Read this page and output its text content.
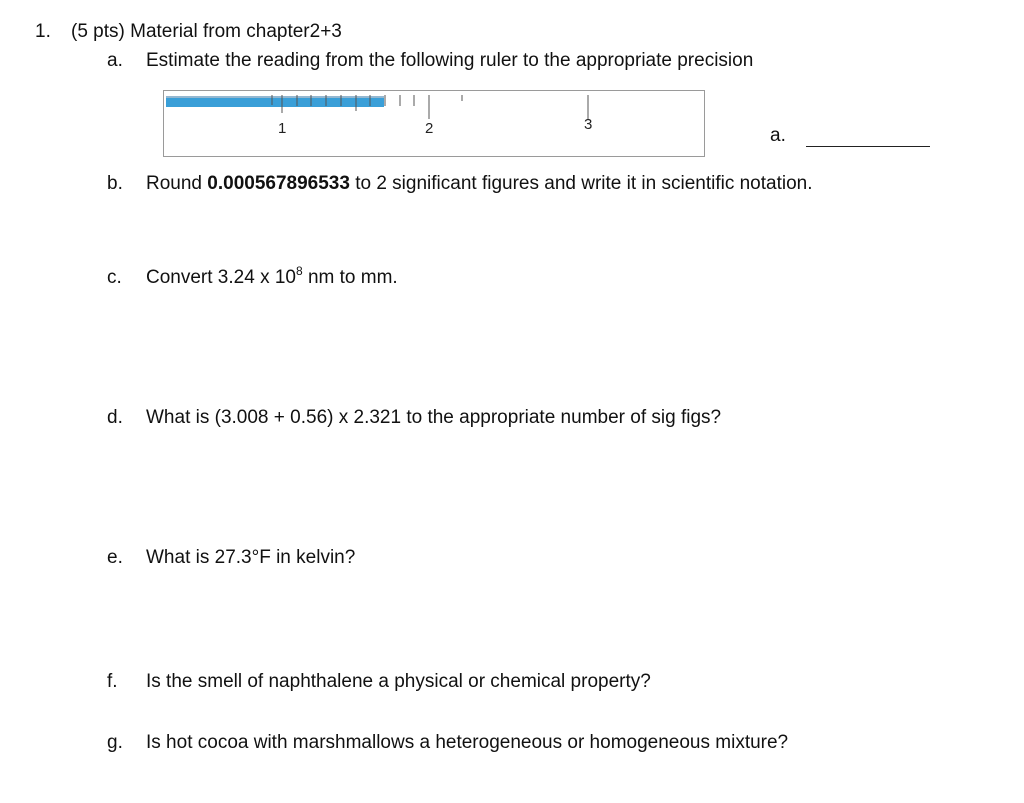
1. (5 pts) Material from chapter2+3
a. Estimate the reading from the following ruler to the appropriate precision
1	2	3
a.
b. Round 0.000567896533 to 2 significant figures and write it in scientific notation.
c. Convert 3.24 x $10^8$ nm to mm.
d. What is (3.008 + 0.56) x 2.321 to the appropriate number of sig figs?
e. What is 27.3°F in kelvin?
f. Is the smell of naphthalene a physical or chemical property?
g. Is hot cocoa with marshmallows a heterogeneous or homogeneous mixture?
